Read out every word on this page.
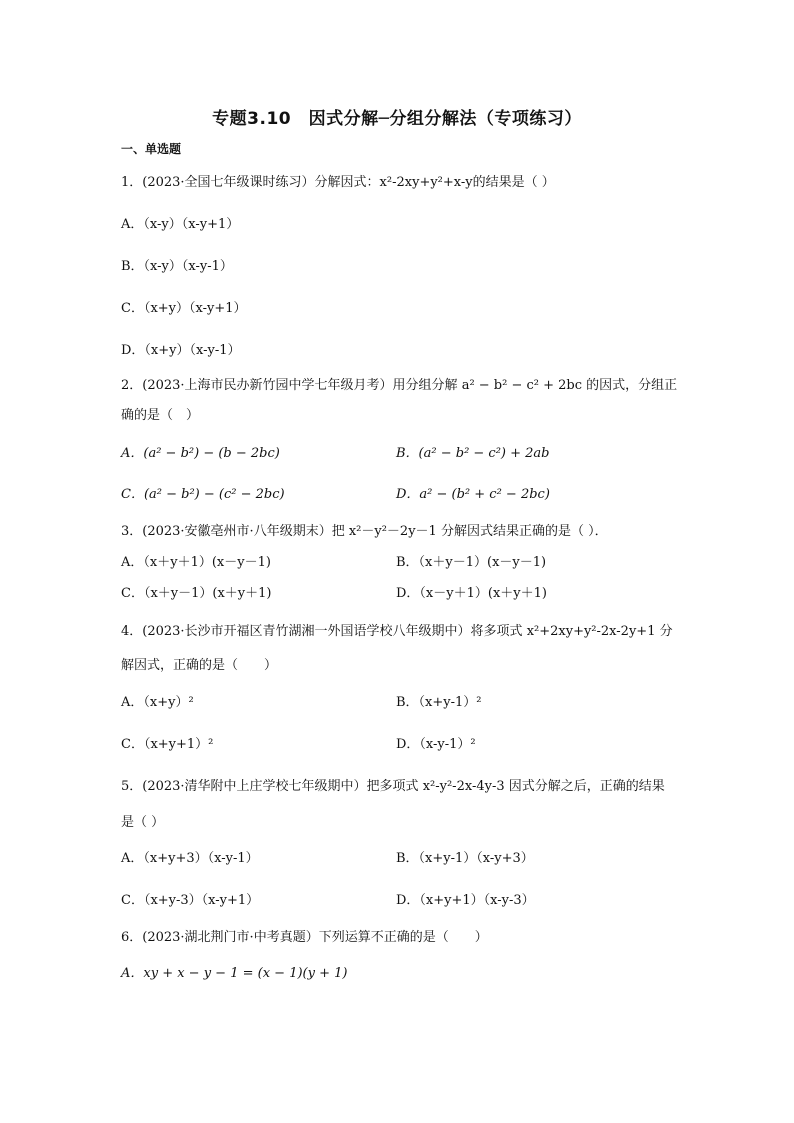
专题3.10　因式分解─分组分解法（专项练习）
一、单选题
1．(2023·全国七年级课时练习）分解因式：x²-2xy+y²+x-y的结果是（ ）
A．（x-y）（x-y+1）
B．（x-y）（x-y-1）
C．（x+y）（x-y+1）
D．（x+y）（x-y-1）
2．(2023·上海市民办新竹园中学七年级月考）用分组分解 a² − b² − c² + 2bc 的因式，分组正
确的是（　）
A．(a² − b²) − (b − 2bc)	B．(a² − b² − c²) + 2ab
C．(a² − b²) − (c² − 2bc)	D．a² − (b² + c² − 2bc)
3．(2023·安徽亳州市·八年级期末）把 x²－y²－2y－1 分解因式结果正确的是（ ）．
A．（x＋y＋1）(x－y－1)	B．（x＋y－1）(x－y－1)
C．（x＋y－1）(x＋y＋1)	D．（x－y＋1）(x＋y＋1)
4．(2023·长沙市开福区青竹湖湘一外国语学校八年级期中）将多项式 x²+2xy+y²-2x-2y+1 分
解因式，正确的是（　　）
A．（x+y）²	B．（x+y-1）²
C．（x+y+1）²	D．（x-y-1）²
5．(2023·清华附中上庄学校七年级期中）把多项式 x²-y²-2x-4y-3 因式分解之后，正确的结果
是（ ）
A．（x+y+3）（x-y-1）	B．（x+y-1）（x-y+3）
C．（x+y-3）（x-y+1）	D．（x+y+1）（x-y-3）
6．(2023·湖北荆门市·中考真题）下列运算不正确的是（　　）
A．xy + x − y − 1 = (x − 1)(y + 1)
